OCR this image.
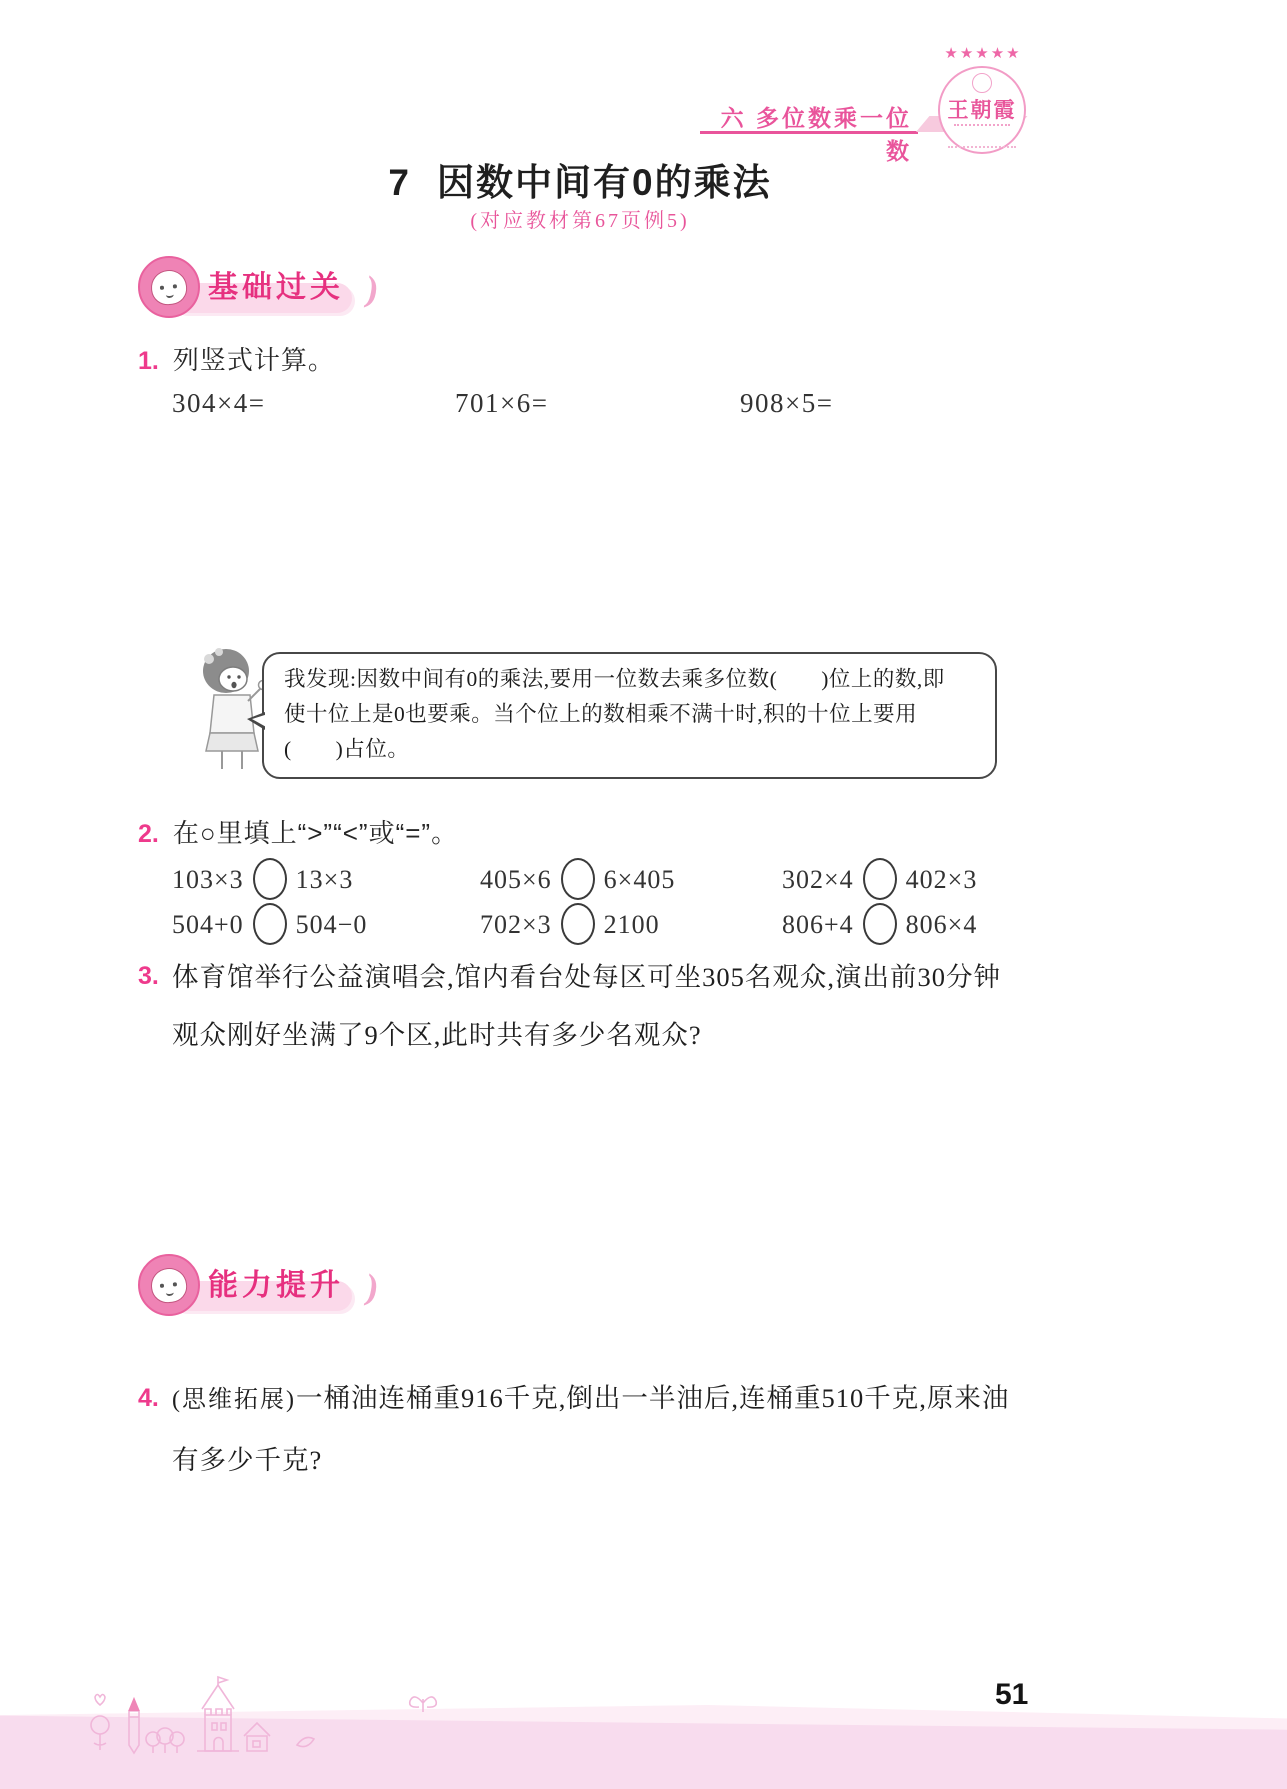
六 多位数乘一位数
★★★★★
王朝霞
7 因数中间有0的乘法
(对应教材第67页例5)
基础过关
)
1. 列竖式计算。
304×4=	701×6=	908×5=
我发现:因数中间有0的乘法,要用一位数去乘多位数(　　)位上的数,即
使十位上是0也要乘。当个位上的数相乘不满十时,积的十位上要用
(　　)占位。
2. 在○里填上“>”“<”或“=”。
103×3 13×3	405×6 6×405	302×4 402×3
504+0 504−0	702×3 2100	806+4 806×4
3. 体育馆举行公益演唱会,馆内看台处每区可坐305名观众,演出前30分钟
观众刚好坐满了9个区,此时共有多少名观众?
能力提升
)
4. (思维拓展)一桶油连桶重916千克,倒出一半油后,连桶重510千克,原来油
有多少千克?
51
